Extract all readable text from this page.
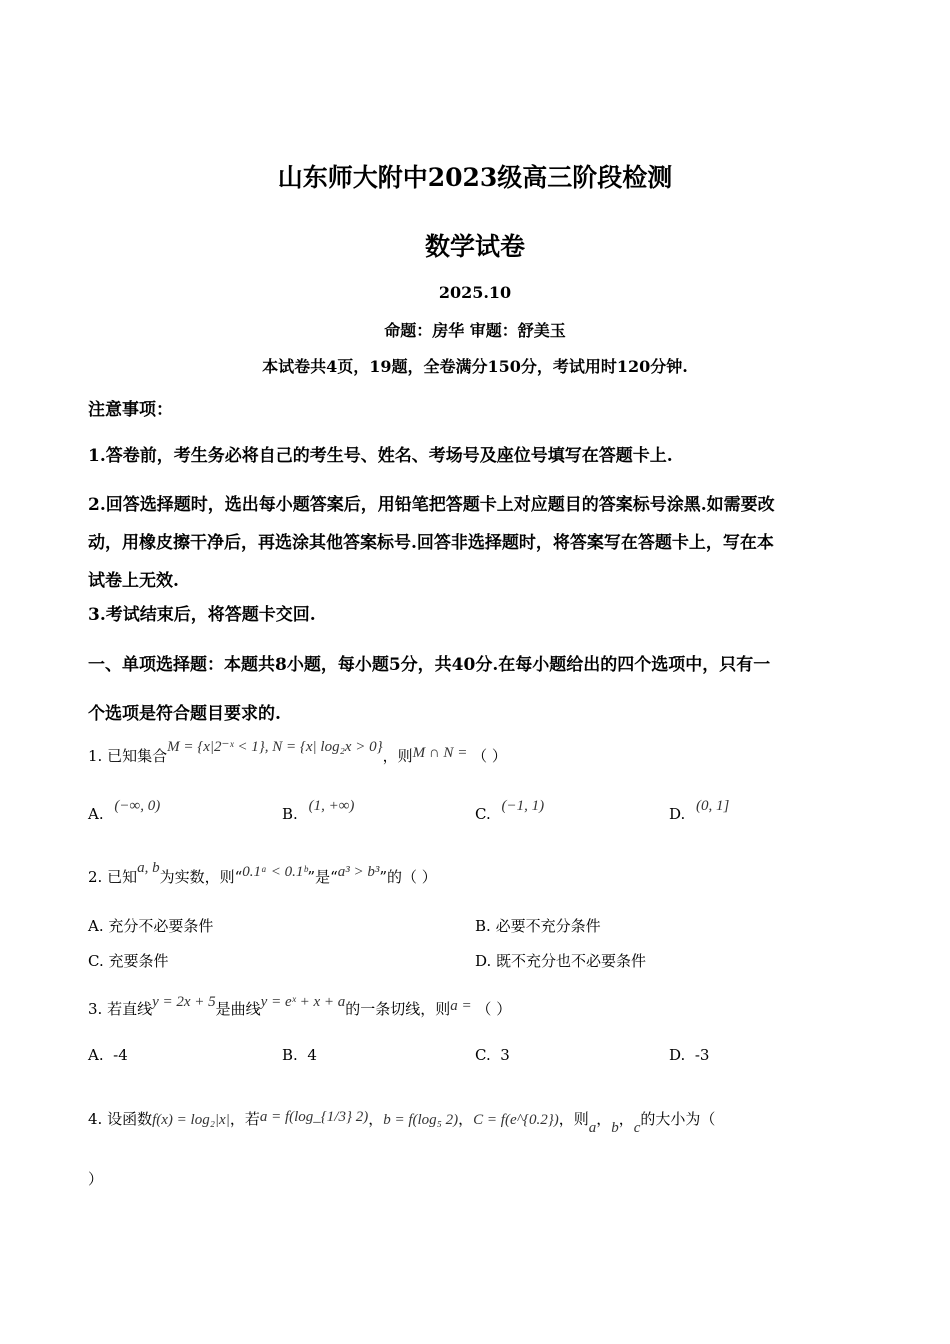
山东师大附中2023级高三阶段检测
数学试卷
2025.10
命题：房华 审题：舒美玉
本试卷共4页，19题，全卷满分150分，考试用时120分钟.
注意事项：
1.答卷前，考生务必将自己的考生号、姓名、考场号及座位号填写在答题卡上.
2.回答选择题时，选出每小题答案后，用铅笔把答题卡上对应题目的答案标号涂黑.如需要改
动，用橡皮擦干净后，再选涂其他答案标号.回答非选择题时，将答案写在答题卡上，写在本
试卷上无效.
3.考试结束后，将答题卡交回.
一、单项选择题：本题共8小题，每小题5分，共40分.在每小题给出的四个选项中，只有一
个选项是符合题目要求的.
1. 已知集合M = {x|2⁻ˣ < 1}, N = {x| log₂x > 0}，则M ∩ N = （ ）
A. (−∞, 0)	B. (1, +∞)	C. (−1, 1)	D. (0, 1]
2. 已知a, b为实数，则“0.1ᵃ < 0.1ᵇ”是“a³ > b³”的（ ）
A. 充分不必要条件	B. 必要不充分条件
C. 充要条件	D. 既不充分也不必要条件
3. 若直线y = 2x + 5是曲线y = eˣ + x + a的一条切线，则a = （ ）
A. -4	B. 4	C. 3	D. -3
4. 设函数f(x) = log₂|x|，若a = f(log_{1/3} 2)，b = f(log₅ 2)，C = f(e^{0.2})，则a，b，c的大小为（
）
